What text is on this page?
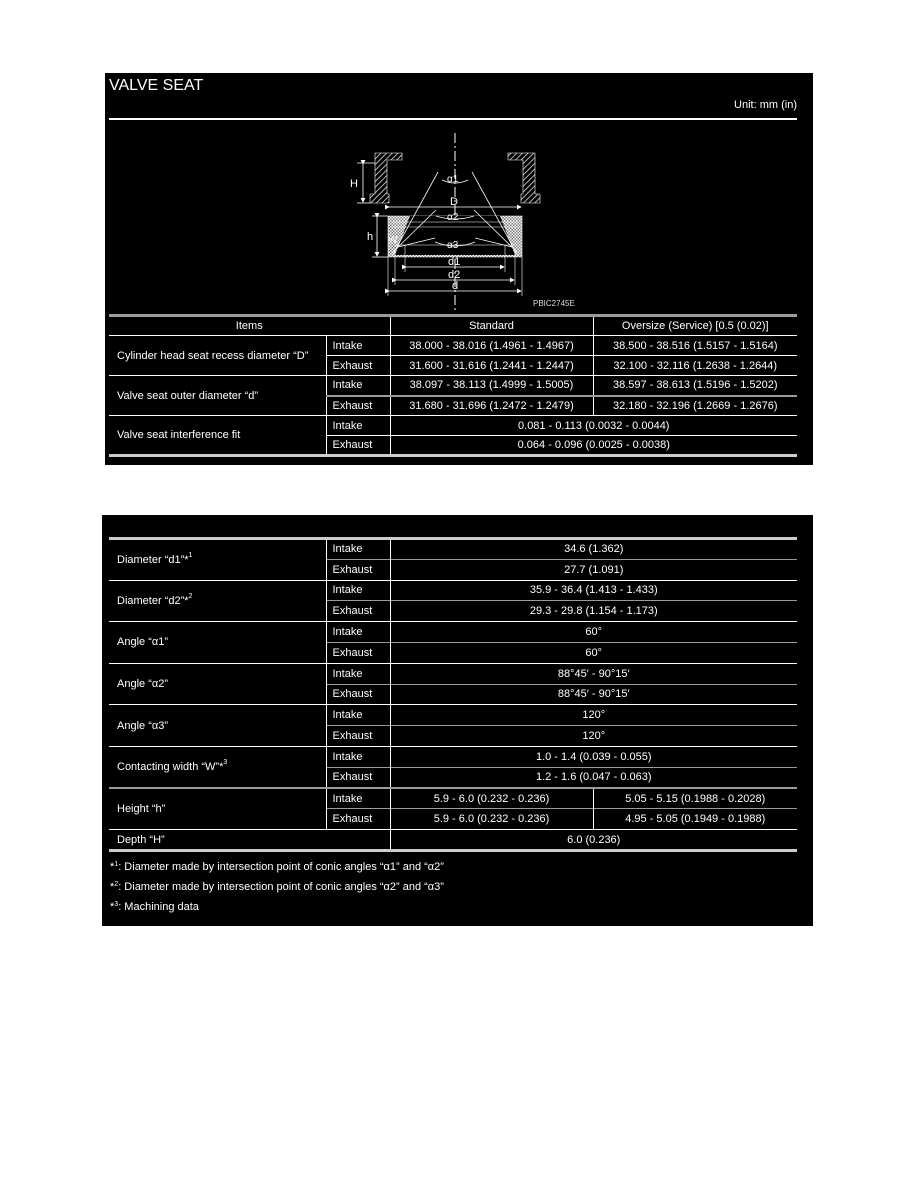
VALVE SEAT
Unit: mm (in)
H
D
h W
α1
α2
α3
d1
d2
d
PBIC2745E
Items		Standard	Oversize (Service) [0.5 (0.02)]
Cylinder head seat recess diameter “D”	Intake	38.000 - 38.016 (1.4961 - 1.4967)	38.500 - 38.516 (1.5157 - 1.5164)
	Exhaust	31.600 - 31.616 (1.2441 - 1.2447)	32.100 - 32.116 (1.2638 - 1.2644)
Valve seat outer diameter “d”	Intake	38.097 - 38.113 (1.4999 - 1.5005)	38.597 - 38.613 (1.5196 - 1.5202)
	Exhaust	31.680 - 31.696 (1.2472 - 1.2479)	32.180 - 32.196 (1.2669 - 1.2676)
Valve seat interference fit	Intake	0.081 - 0.113 (0.0032 - 0.0044)	
	Exhaust	0.064 - 0.096 (0.0025 - 0.0038)	
Diameter “d1”*$^1$	Intake	34.6 (1.362)	
	Exhaust	27.7 (1.091)	
Diameter “d2”*$^2$	Intake	35.9 - 36.4 (1.413 - 1.433)	
	Exhaust	29.3 - 29.8 (1.154 - 1.173)	
Angle “α1”	Intake	60°	
	Exhaust	60°	
Angle “α2”	Intake	88°45′ - 90°15′	
	Exhaust	88°45′ - 90°15′	
Angle “α3”	Intake	120°	
	Exhaust	120°	
Contacting width “W”*$^3$	Intake	1.0 - 1.4 (0.039 - 0.055)	
	Exhaust	1.2 - 1.6 (0.047 - 0.063)	
Height “h”	Intake	5.9 - 6.0 (0.232 - 0.236)	5.05 - 5.15 (0.1988 - 0.2028)
	Exhaust	5.9 - 6.0 (0.232 - 0.236)	4.95 - 5.05 (0.1949 - 0.1988)
Depth “H”		6.0 (0.236)	
*$^1$: Diameter made by intersection point of conic angles “α1” and “α2”
*$^2$: Diameter made by intersection point of conic angles “α2” and “α3”
*$^3$: Machining data
